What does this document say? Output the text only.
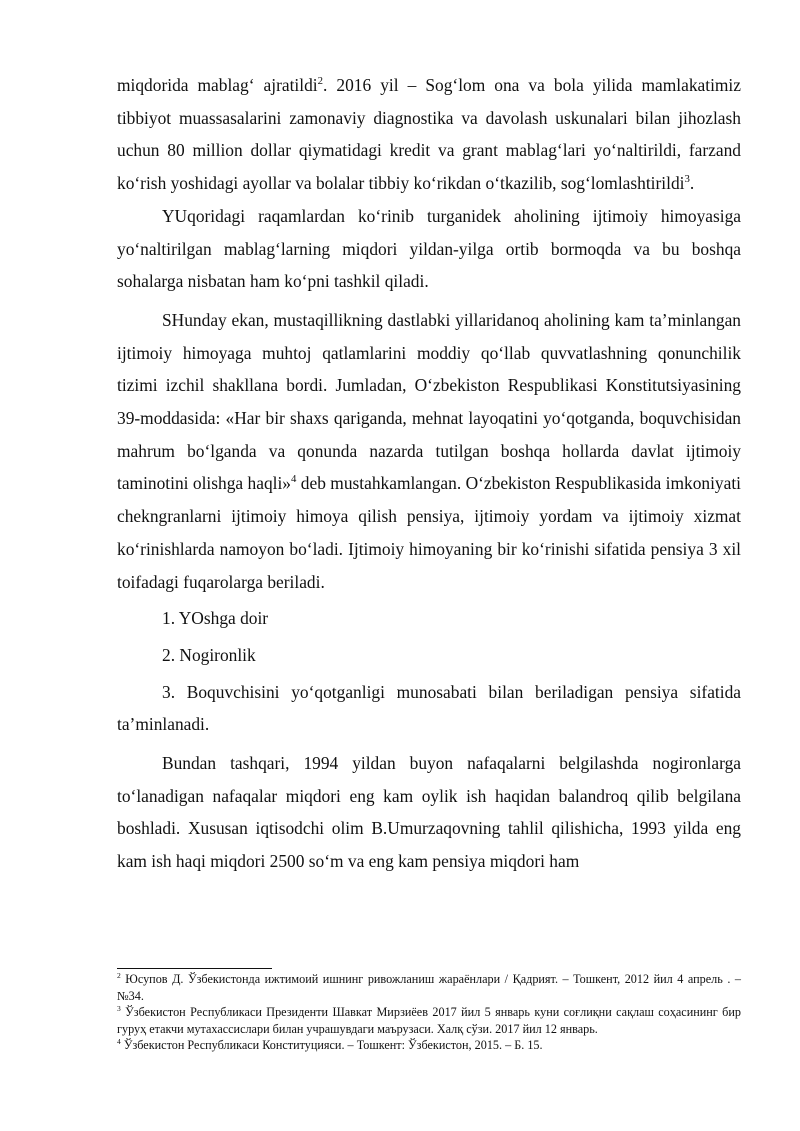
miqdorida mablag‘ ajratildi$^2$. 2016 yil – Sog‘lom ona va bola yilida mamlakatimiz tibbiyot muassasalarini zamonaviy diagnostika va davolash uskunalari bilan jihozlash uchun 80 million dollar qiymatidagi kredit va grant mablag‘lari yo‘naltirildi, farzand ko‘rish yoshidagi ayollar va bolalar tibbiy ko‘rikdan o‘tkazilib, sog‘lomlashtirildi$^3$.

YUqoridagi raqamlardan ko‘rinib turganidek aholining ijtimoiy himoyasiga yo‘naltirilgan mablag‘larning miqdori yildan-yilga ortib bormoqda va bu boshqa sohalarga nisbatan ham ko‘pni tashkil qiladi.

SHunday ekan, mustaqillikning dastlabki yillaridanoq aholining kam ta’minlangan ijtimoiy himoyaga muhtoj qatlamlarini moddiy qo‘llab quvvatlashning qonunchilik tizimi izchil shakllana bordi. Jumladan, O‘zbekiston Respublikasi Konstitutsiyasining 39-moddasida: «Har bir shaxs qariganda, mehnat layoqatini yo‘qotganda, boquvchisidan mahrum bo‘lganda va qonunda nazarda tutilgan boshqa hollarda davlat ijtimoiy taminotini olishga haqli»$^4$ deb mustahkamlangan. O‘zbekiston Respublikasida imkoniyati chekngranlarni ijtimoiy himoya qilish pensiya, ijtimoiy yordam va ijtimoiy xizmat ko‘rinishlarda namoyon bo‘ladi. Ijtimoiy himoyaning bir ko‘rinishi sifatida pensiya 3 xil toifadagi fuqarolarga beriladi.

1. YOshga doir

2. Nogironlik

3. Boquvchisini yo‘qotganligi munosabati bilan beriladigan pensiya sifatida ta’minlanadi.

Bundan tashqari, 1994 yildan buyon nafaqalarni belgilashda nogironlarga to‘lanadigan nafaqalar miqdori eng kam oylik ish haqidan balandroq qilib belgilana boshladi. Xususan iqtisodchi olim B.Umurzaqovning tahlil qilishicha, 1993 yilda eng kam ish haqi miqdori 2500 so‘m va eng kam pensiya miqdori ham

$^2$ Юсупов Д. Ўзбекистонда ижтимоий ишнинг ривожланиш жараёнлари / Қадрият. – Тошкент, 2012 йил 4 апрель . – №34.

$^3$ Ўзбекистон Республикаси Президенти Шавкат Мирзиёев 2017 йил 5 январь куни соғлиқни сақлаш соҳасининг бир гуруҳ етакчи мутахассислари билан учрашувдаги маърузаси. Халқ сўзи. 2017 йил 12 январь.

$^4$ Ўзбекистон Республикаси Конституцияси. – Тошкент: Ўзбекистон, 2015. – Б. 15.
